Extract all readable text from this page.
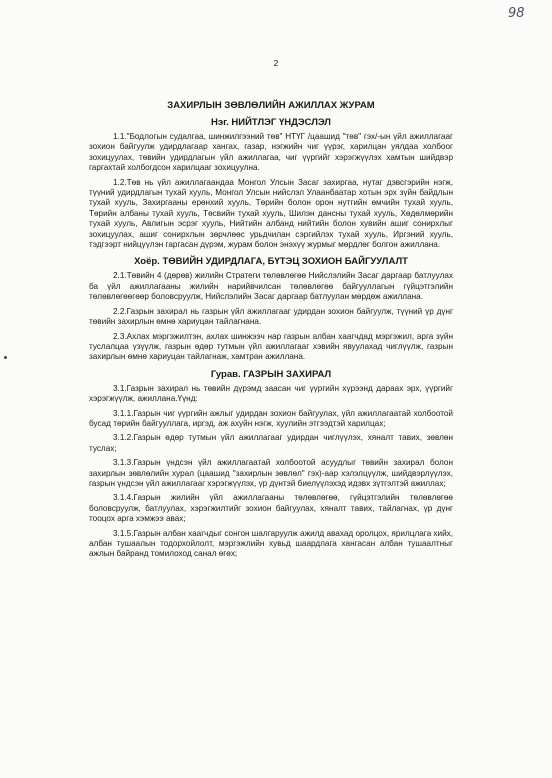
98
2
ЗАХИРЛЫН ЗӨВЛӨЛИЙН АЖИЛЛАХ ЖУРАМ
Нэг. НИЙТЛЭГ ҮНДЭСЛЭЛ

1.1."Бодлогын судалгаа, шинжилгээний төв" НТҮГ /цаашид "төв" гэх/-ын үйл ажиллагааг зохион байгуулж удирдлагаар хангах, газар, нэгжийн чиг үүрэг, харилцан уялдаа холбоог зохицуулах, төвийн удирдлагын үйл ажиллагаа, чиг үүргийг хэрэгжүүлэх хамтын шийдвэр гаргахтай холбогдсон харилцааг зохицуулна.

1.2.Төв нь үйл ажиллагаандаа Монгол Улсын Засаг захиргаа, нутаг дэвсгэрийн нэгж, түүний удирдлагын тухай хууль, Монгол Улсын нийслэл Улаанбаатар хотын эрх зүйн байдлын тухай хууль, Захиргааны ерөнхий хууль, Төрийн болон орон нутгийн өмчийн тухай хууль, Төрийн албаны тухай хууль, Төсвийн тухай хууль, Шилэн дансны тухай хууль, Хөдөлмөрийн тухай хууль, Авлигын эсрэг хууль, Нийтийн албанд нийтийн болон хувийн ашиг сонирхлыг зохицуулах, ашиг сонирхлын зөрчлөөс урьдчилан сэргийлэх тухай хууль, Иргэний хууль, тэдгээрт нийцүүлэн гаргасан дүрэм, журам болон энэхүү журмыг мөрдлөг болгон ажиллана.

Хоёр. ТӨВИЙН УДИРДЛАГА, БҮТЭЦ ЗОХИОН БАЙГУУЛАЛТ

2.1.Төвийн 4 (дөрөв) жилийн Стратеги төлөвлөгөө Нийслэлийн Засаг даргаар батлуулах ба үйл ажиллагааны жилийн нарийвчилсан төлөвлөгөө байгууллагын гүйцэтгэлийн төлөвлөгөөгөөр боловсруулж, Нийслэлийн Засаг даргаар батлуулан мөрдөж ажиллана.

2.2.Газрын захирал нь газрын үйл ажиллагааг удирдан зохион байгуулж, түүний үр дүнг төвийн захирлын өмнө хариуцан тайлагнана.

2.3.Ахлах мэргэжилтэн, ахлах шинжээч нар газрын албан хаагчдад мэргэжил, арга зүйн туслалцаа үзүүлж, газрын өдөр тутмын үйл ажиллагааг хэвийн явуулахад чиглүүлж, газрын захирлын өмнө хариуцан тайлагнаж, хамтран ажиллана.

Гурав. ГАЗРЫН ЗАХИРАЛ

3.1.Газрын захирал нь төвийн дүрэмд заасан чиг үүргийн хүрээнд дараах эрх, үүргийг хэрэгжүүлж, ажиллана.Үүнд:

3.1.1.Газрын чиг үүргийн ажлыг удирдан зохион байгуулах, үйл ажиллагаатай холбоотой бусад төрийн байгууллага, иргэд, аж ахуйн нэгж, хуулийн этгээдтэй харилцах;

3.1.2.Газрын өдөр тутмын үйл ажиллагааг удирдан чиглүүлэх, хяналт тавих, зөвлөн туслах;

3.1.3.Газрын үндсэн үйл ажиллагаатай холбоотой асуудлыг төвийн захирал болон захирлын зөвлөлийн хурал (цаашид "захирлын зөвлөл" гэх)-аар хэлэлцүүлж, шийдвэрлүүлэх, газрын үндсэн үйл ажиллагааг хэрэгжүүлэх, үр дүнтэй биелүүлэхэд идэвх зүтгэлтэй ажиллах;

3.1.4.Газрын жилийн үйл ажиллагааны төлөвлөгөө, гүйцэтгэлийн төлөвлөгөө боловсруулж, батлуулах, хэрэгжилтийг зохион байгуулах, хяналт тавих, тайлагнах, үр дүнг тооцох арга хэмжээ авах;

3.1.5.Газрын албан хаагчдыг сонгон шалгаруулж ажилд авахад оролцох, ярилцлага хийх, албан тушаалын тодорхойлолт, мэргэжлийн хувьд шаардлага хангасан албан тушаалтныг ажлын байранд томилоход санал өгөх;
